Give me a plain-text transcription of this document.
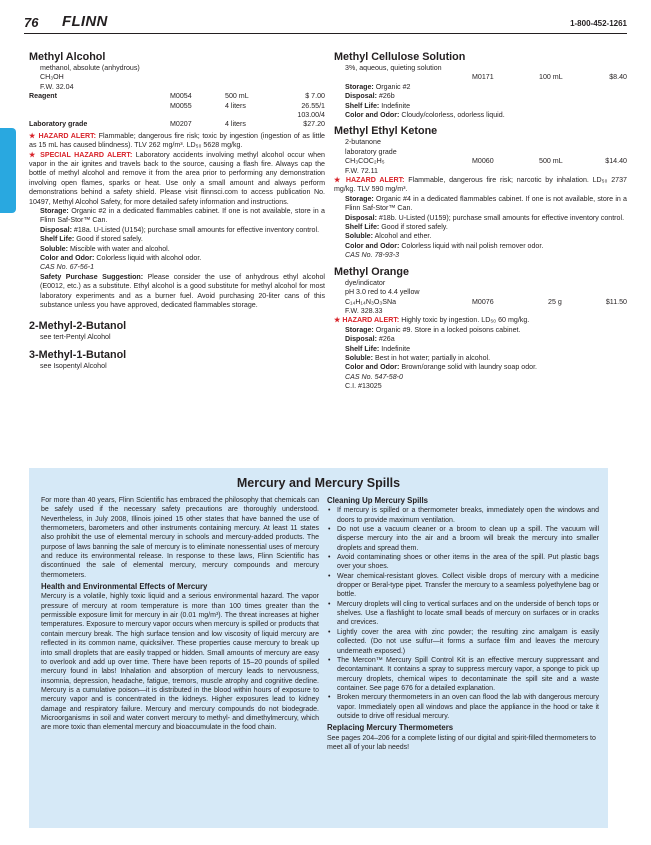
76 FLINN	1-800-452-1261
Methyl Alcohol
methanol, absolute (anhydrous)
CH₃OH
F.W. 32.04
Reagent	M0054	500 mL	$ 7.00
M0055	4 liters	26.55/1
103.00/4
Laboratory grade	M0207	4 liters	$27.20

★ HAZARD ALERT: Flammable; dangerous fire risk; toxic by ingestion (ingestion of as little as 15 mL has caused blindness). TLV 262 mg/m³. LD₅₀ 5628 mg/kg.

★ SPECIAL HAZARD ALERT: Laboratory accidents involving methyl alcohol occur when vapor in the air ignites and travels back to the source, causing a flash fire. Always cap the bottle of methyl alcohol and remove it from the area prior to performing any demonstration involving open flames, sparks or heat. Use only a small amount and always perform demonstrations behind a safety shield. Please visit flinnsci.com to access publication No. 10497, Methyl Alcohol Safety, for more detailed safety information and instructions.

Storage: Organic #2 in a dedicated flammables cabinet. If one is not available, store in a Flinn Saf-Stor™ Can.

Disposal: #18a. U-Listed (U154); purchase small amounts for effective inventory control.

Shelf Life: Good if stored safely.

Soluble: Miscible with water and alcohol.

Color and Odor: Colorless liquid with alcohol odor.

CAS No. 67-56-1

Safety Purchase Suggestion: Please consider the use of anhydrous ethyl alcohol (E0012, etc.) as a substitute. Ethyl alcohol is a good substitute for methyl alcohol for most laboratory experiments and as a burner fuel. Avoid purchasing 20-liter cans of this substance unless you have approved, dedicated flammables storage.

2-Methyl-2-Butanol
see tert-Pentyl Alcohol
3-Methyl-1-Butanol
see Isopentyl Alcohol
Methyl Cellulose Solution
3%, aqueous, quieting solution
M0171	100 mL	$8.40

Storage: Organic #2

Disposal: #26b

Shelf Life: Indefinite

Color and Odor: Cloudy/colorless, odorless liquid.

Methyl Ethyl Ketone
2-butanone
laboratory grade
CH₃COC₂H₅	M0060	500 mL	$14.40
F.W. 72.11

★ HAZARD ALERT: Flammable, dangerous fire risk; narcotic by inhalation. LD₅₀ 2737 mg/kg. TLV 590 mg/m³.

Storage: Organic #4 in a dedicated flammables cabinet. If one is not available, store in a Flinn Saf-Stor™ Can.

Disposal: #18b. U-Listed (U159); purchase small amounts for effective inventory control.

Shelf Life: Good if stored safely.

Soluble: Alcohol and ether.

Color and Odor: Colorless liquid with nail polish remover odor.

CAS No. 78-93-3

Methyl Orange
dye/indicator
pH 3.0 red to 4.4 yellow
C₁₄H₁₄N₃O₃SNa	M0076	25 g	$11.50
F.W. 328.33

★ HAZARD ALERT: Highly toxic by ingestion. LD₅₀ 60 mg/kg.

Storage: Organic #9. Store in a locked poisons cabinet.

Disposal: #26a

Shelf Life: Indefinite

Soluble: Best in hot water; partially in alcohol.

Color and Odor: Brown/orange solid with laundry soap odor.

CAS No. 547-58-0

C.I. #13025

Mercury and Mercury Spills

For more than 40 years, Flinn Scientific has embraced the philosophy that chemicals can be safely used if the necessary safety precautions are thoroughly understood. Nevertheless, in July 2008, Illinois joined 15 other states that have banned the use of thermometers, barometers and other instruments containing mercury. At least 11 states also prohibit the use of elemental mercury in schools and mercury-added products. The purpose of laws banning the sale of mercury is to eliminate nonessential uses of mercury and reduce its environmental release. In response to these laws, Flinn Scientific has discontinued the sale of elemental mercury, mercury compounds and mercury thermometers.

Health and Environmental Effects of Mercury

Mercury is a volatile, highly toxic liquid and a serious environmental hazard. The vapor pressure of mercury at room temperature is more than 100 times greater than the permissible exposure limit for mercury in air (0.01 mg/m³). The threat increases at higher temperatures. Exposure to mercury vapor occurs when mercury is spilled or products that contain mercury break. The high surface tension and low viscosity of liquid mercury are reflected in its common name, quicksilver. These properties cause mercury to break up into small droplets that are easily trapped or hidden. Small amounts of mercury are easy to overlook and add up over time. There have been reports of 15–20 pounds of spilled mercury found in labs! Inhalation and absorption of mercury leads to nervousness, insomnia, depression, headache, fatigue, tremors, muscle atrophy and cognitive decline. Mercury is a cumulative poison—it is distributed in the blood within hours of exposure to mercury vapor and is concentrated in the kidneys. Higher exposures lead to kidney damage and respiratory failure. Mercury and mercury compounds do not biodegrade. Microorganisms in soil and water convert mercury to methyl- and dimethylmercury, which are more toxic than elemental mercury and bioaccumulate in the food chain.

Cleaning Up Mercury Spills
• If mercury is spilled or a thermometer breaks, immediately open the windows and doors to provide maximum ventilation.
• Do not use a vacuum cleaner or a broom to clean up a spill. The vacuum will disperse mercury into the air and a broom will break the mercury into smaller droplets and spread them.
• Avoid contaminating shoes or other items in the area of the spill. Put plastic bags over your shoes.
• Wear chemical-resistant gloves. Collect visible drops of mercury with a medicine dropper or Beral-type pipet. Transfer the mercury to a seamless polyethylene bag or bottle.
• Mercury droplets will cling to vertical surfaces and on the underside of bench tops or shelves. Use a flashlight to locate small beads of mercury on surfaces or in cracks and crevices.
• Lightly cover the area with zinc powder; the resulting zinc amalgam is easily collected. (Do not use sulfur—it forms a surface film and leaves the mercury underneath exposed.)
• The Mercon™ Mercury Spill Control Kit is an effective mercury suppressant and decontaminant. It contains a spray to suppress mercury vapor, a sponge to pick up mercury droplets, chemical wipes to decontaminate the spill site and a waste container. See page 676 for a detailed explanation.
• Broken mercury thermometers in an oven can flood the lab with dangerous mercury vapor. Immediately open all windows and place the appliance in the hood or take it outside to drive off residual mercury.
Replacing Mercury Thermometers

See pages 204–206 for a complete listing of our digital and spirit-filled thermometers to meet all of your lab needs!
